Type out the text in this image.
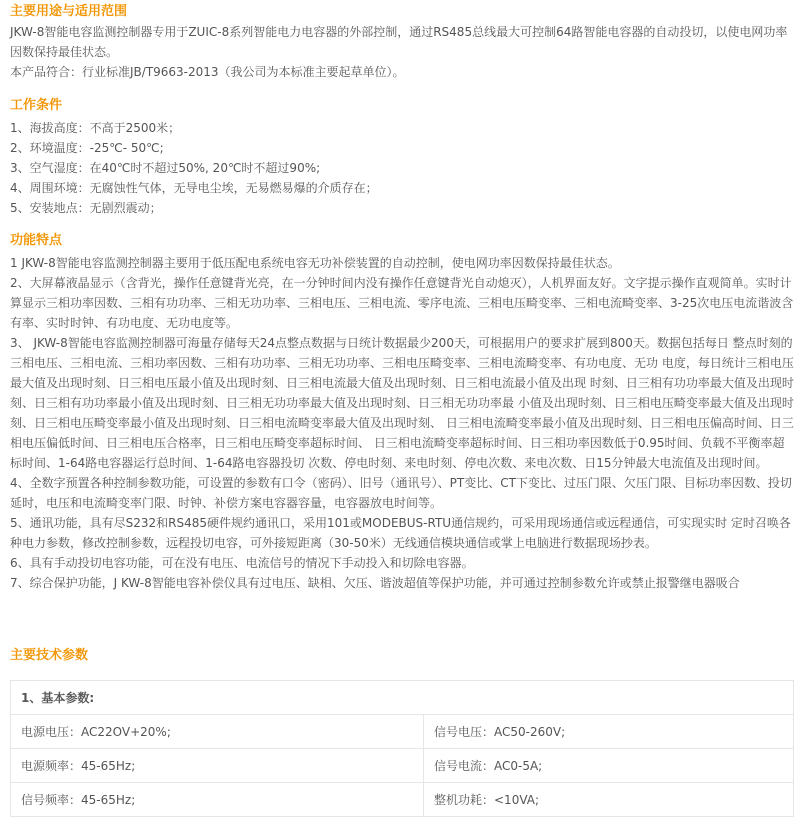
主要用途与适用范围

JKW-8智能电容监测控制器专用于ZUIC-8系列智能电力电容器的外部控制，通过RS485总线最大可控制64路智能电容器的自动投切，以使电网功率因数保持最佳状态。

本产品符合：行业标准JB/T9663-2013（我公司为本标准主要起草单位）。

工作条件

1、海拔高度：不高于2500米；

2、环境温度：-25℃- 50℃;

3、空气湿度：在40℃时不超过50%, 20℃时不超过90%;

4、周围环境：无腐蚀性气体，无导电尘埃，无易燃易爆的介质存在；

5、安装地点：无剧烈震动；

功能特点

1 JKW-8智能电容监测控制器主要用于低压配电系统电容无功补偿装置的自动控制，使电网功率因数保持最佳状态。

2、大屏幕液晶显示（含背光，操作任意键背光亮，在一分钟时间内没有操作任意键背光自动熄灭），人机界面友好。文字提示操作直观简单。实时计算显示三相功率因数、三相有功功率、三相无功功率、三相电压、三相电流、零序电流、三相电压畸变率、三相电流畸变率、3-25次电压电流谐波含有率、实时时钟、有功电度、无功电度等。

3、 JKW-8智能电容监测控制器可海量存储每天24点整点数据与日统计数据最少200天，可根据用户的要求扩展到800天。数据包括每日 整点时刻的三相电压、三相电流、三相功率因数、三相有功功率、三相无功功率、三相电压畸变率、三相电流畸变率、有功电度、无功 电度，每日统计三相电压最大值及出现时刻、日三相电压最小值及出现时刻、日三相电流最大值及出现时刻、日三相电流最小值及出现 时刻、日三相有功功率最大值及出现时刻、日三相有功功率最小值及出现时刻、日三相无功功率最大值及出现时刻、日三相无功功率最 小值及出现时刻、日三相电压畸变率最大值及出现时刻、日三相电压畸变率最小值及出现时刻、日三相电流畸变率最大值及出现时刻、 日三相电流畸变率最小值及出现时刻、日三相电压偏高时间、日三相电压偏低时间、日三相电压合格率，日三相电压畸变率超标时间、 日三相电流畸变率超标时间、日三相功率因数低于0.95时间、负载不平衡率超标时间、1-64路电容器运行总时间、1-64路电容器投切 次数、停电时刻、来电时刻、停电次数、来电次数、日15分钟最大电流值及出现时间。

4、全数字预置各种控制参数功能，可设置的参数有口令（密码）、旧号（通讯号）、PT变比、CT下变比、过压门限、欠压门限、目标功率因数、投切延时，电压和电流畸变率门限、时钟、补偿方案电容器容量，电容器放电时间等。

5、通讯功能，具有尽S232和RS485硬件规约通讯口，采用101或MODEBUS-RTU通信规约，可采用现场通信或远程通信，可实现实时 定时召唤各种电力参数，修改控制参数，远程投切电容，可外接短距离（30-50米）无线通信模块通信或掌上电脑进行数据现场抄表。

6、具有手动投切电容功能，可在没有电压、电流信号的情况下手动投入和切除电容器。

7、综合保护功能，J KW-8智能电容补偿仪具有过电压、缺相、欠压、谐波超值等保护功能，并可通过控制参数允许或禁止报警继电器吸合

主要技术参数
1、基本参数:	
电源电压：AC22OV+20%;	信号电压：AC50-260V;
电源频率：45-65Hz;	信号电流：AC0-5A;
信号频率：45-65Hz;	整机功耗：<10VA;
